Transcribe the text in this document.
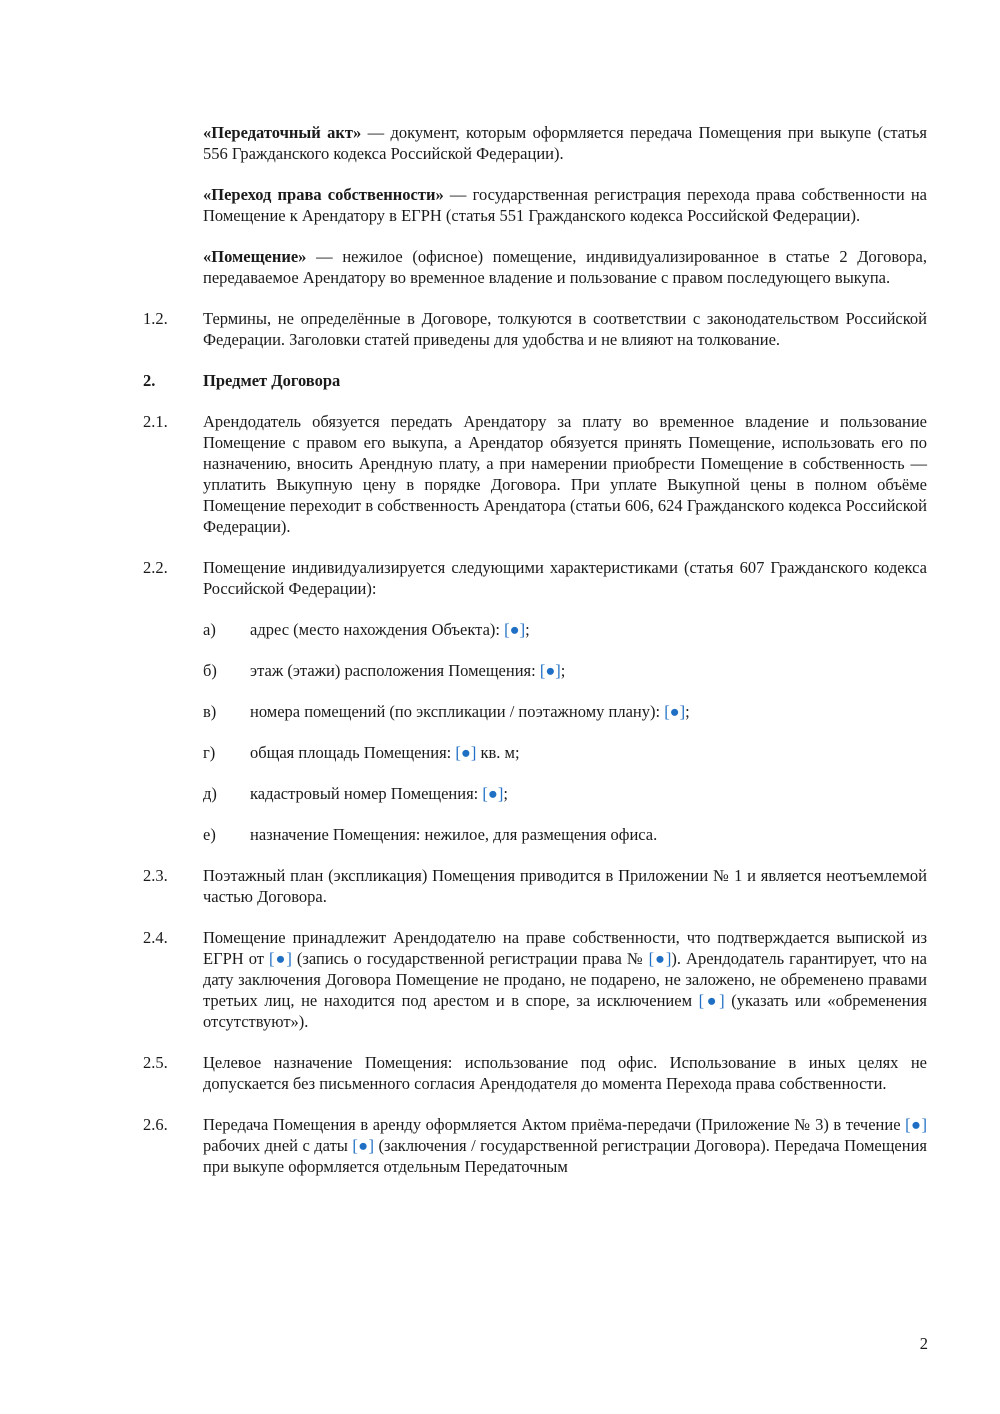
«Передаточный акт» — документ, которым оформляется передача Помещения при выкупе (статья 556 Гражданского кодекса Российской Федерации).

«Переход права собственности» — государственная регистрация перехода права собственности на Помещение к Арендатору в ЕГРН (статья 551 Гражданского кодекса Российской Федерации).

«Помещение» — нежилое (офисное) помещение, индивидуализированное в статье 2 Договора, передаваемое Арендатору во временное владение и пользование с правом последующего выкупа.

1.2.	Термины, не определённые в Договоре, толкуются в соответствии с законодательством Российской Федерации. Заголовки статей приведены для удобства и не влияют на толкование.
2.	Предмет Договора
2.1.	Арендодатель обязуется передать Арендатору за плату во временное владение и пользование Помещение с правом его выкупа, а Арендатор обязуется принять Помещение, использовать его по назначению, вносить Арендную плату, а при намерении приобрести Помещение в собственность — уплатить Выкупную цену в порядке Договора. При уплате Выкупной цены в полном объёме Помещение переходит в собственность Арендатора (статьи 606, 624 Гражданского кодекса Российской Федерации).
2.2.	Помещение индивидуализируется следующими характеристиками (статья 607 Гражданского кодекса Российской Федерации):
а)	адрес (место нахождения Объекта): [●];
б)	этаж (этажи) расположения Помещения: [●];
в)	номера помещений (по экспликации / поэтажному плану): [●];
г)	общая площадь Помещения: [●] кв. м;
д)	кадастровый номер Помещения: [●];
е)	назначение Помещения: нежилое, для размещения офиса.
2.3.	Поэтажный план (экспликация) Помещения приводится в Приложении № 1 и является неотъемлемой частью Договора.
2.4.	Помещение принадлежит Арендодателю на праве собственности, что подтверждается выпиской из ЕГРН от [●] (запись о государственной регистрации права № [●]). Арендодатель гарантирует, что на дату заключения Договора Помещение не продано, не подарено, не заложено, не обременено правами третьих лиц, не находится под арестом и в споре, за исключением [●] (указать или «обременения отсутствуют»).
2.5.	Целевое назначение Помещения: использование под офис. Использование в иных целях не допускается без письменного согласия Арендодателя до момента Перехода права собственности.
2.6.	Передача Помещения в аренду оформляется Актом приёма-передачи (Приложение № 3) в течение [●] рабочих дней с даты [●] (заключения / государственной регистрации Договора). Передача Помещения при выкупе оформляется отдельным Передаточным
2
